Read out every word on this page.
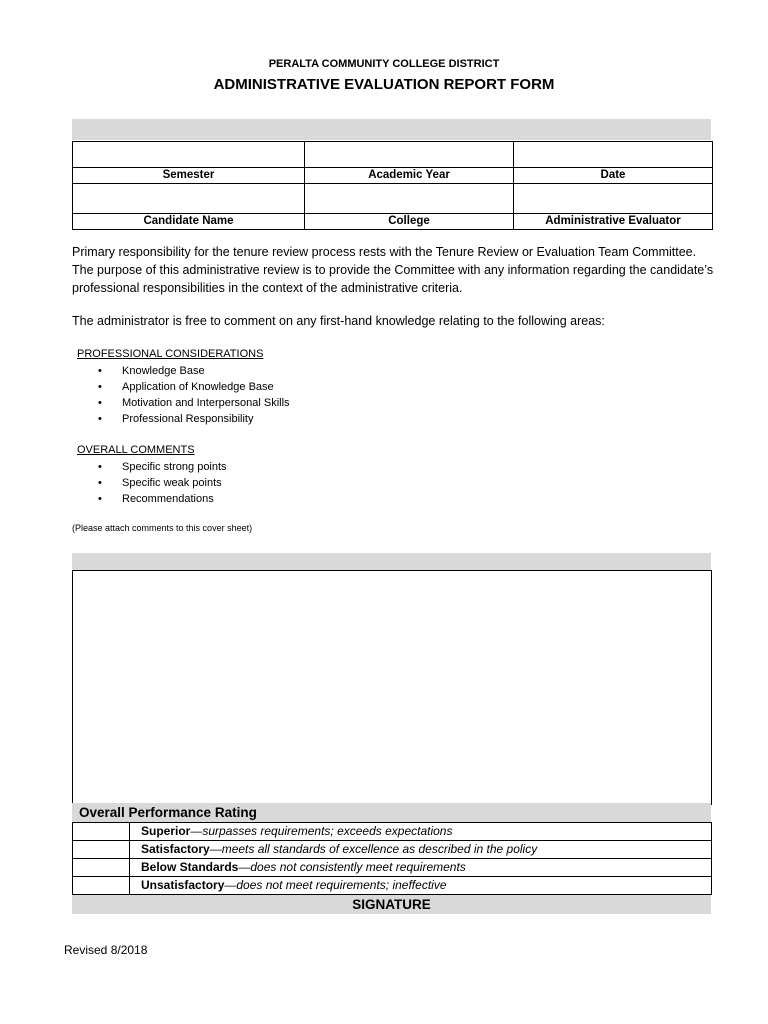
PERALTA COMMUNITY COLLEGE DISTRICT
ADMINISTRATIVE EVALUATION REPORT FORM

Semester	Academic Year	Date

Candidate Name	College	Administrative Evaluator
Primary responsibility for the tenure review process rests with the Tenure Review or Evaluation Team Committee. The purpose of this administrative review is to provide the Committee with any information regarding the candidate’s professional responsibilities in the context of the administrative criteria.
The administrator is free to comment on any first-hand knowledge relating to the following areas:
PROFESSIONAL CONSIDERATIONS
• Knowledge Base
• Application of Knowledge Base
• Motivation and Interpersonal Skills
• Professional Responsibility
OVERALL COMMENTS
• Specific strong points
• Specific weak points
• Recommendations
(Please attach comments to this cover sheet)
Overall Performance Rating
	Superior—surpasses requirements; exceeds expectations
	Satisfactory—meets all standards of excellence as described in the policy
	Below Standards—does not consistently meet requirements
	Unsatisfactory—does not meet requirements; ineffective
SIGNATURE
Revised 8/2018
